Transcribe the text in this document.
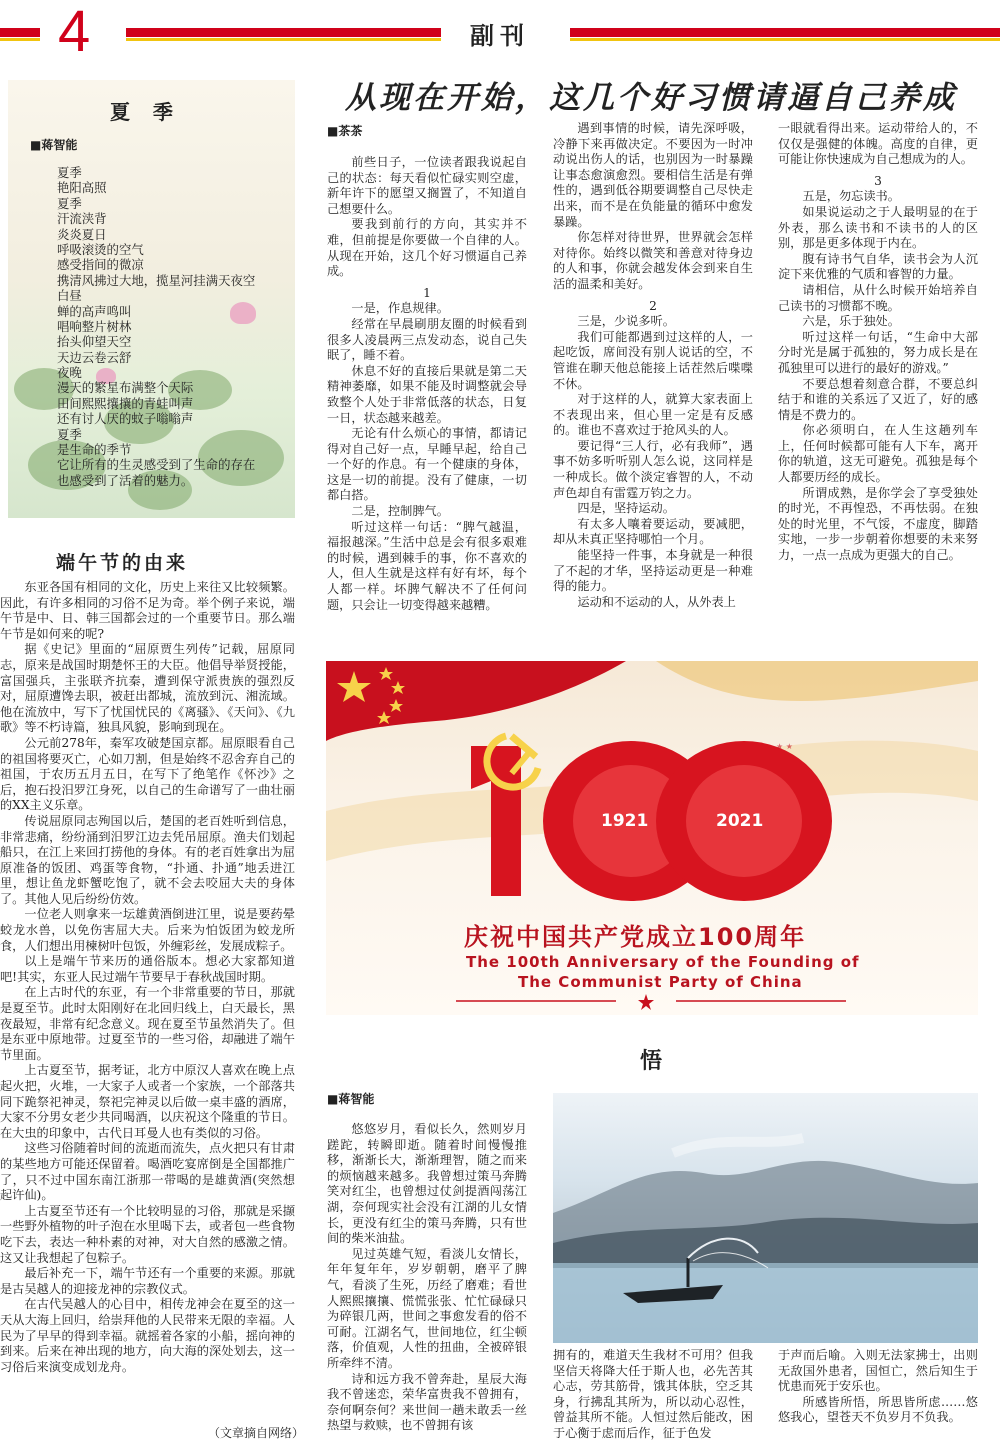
4	副刊
夏  季
■蒋智能
夏季
艳阳高照
夏季
汗流浃背
炎炎夏日
呼吸滚烫的空气
感受指间的微凉
携清风拂过大地，揽星河挂满天夜空
白昼
蝉的高声鸣叫
唱响整片树林
抬头仰望天空
天边云卷云舒
夜晚
漫天的繁星布满整个天际
田间熙熙攘攘的青蛙叫声
还有讨人厌的蚊子嗡嗡声
夏季
是生命的季节
它让所有的生灵感受到了生命的存在
也感受到了活着的魅力。
端午节的由来

东亚各国有相同的文化，历史上来往又比较频繁。因此，有许多相同的习俗不足为奇。举个例子来说，端午节是中、日、韩三国都会过的一个重要节日。那么端午节是如何来的呢?

据《史记》里面的“屈原贾生列传”记载，屈原同志，原来是战国时期楚怀王的大臣。他倡导举贤授能，富国强兵，主张联齐抗秦，遭到保守派贵族的强烈反对，屈原遭馋去职，被赶出都城，流放到沅、湘流域。他在流放中，写下了忧国忧民的《离骚》、《天问》、《九歌》等不朽诗篇，独具风貌，影响到现在。

公元前278年，秦军攻破楚国京都。屈原眼看自己的祖国将要灭亡，心如刀割，但是始终不忍舍弃自己的祖国，于农历五月五日，在写下了绝笔作《怀沙》之后，抱石投汨罗江身死，以自己的生命谱写了一曲壮丽的XX主义乐章。

传说屈原同志殉国以后，楚国的老百姓听到信息，非常悲痛，纷纷涌到汨罗江边去凭吊屈原。渔夫们划起船只，在江上来回打捞他的身体。有的老百姓拿出为屈原准备的饭团、鸡蛋等食物，“扑通、扑通”地丢进江里，想让鱼龙虾蟹吃饱了，就不会去咬屈大夫的身体了。其他人见后纷纷仿效。

一位老人则拿来一坛雄黄酒倒进江里，说是要药晕蛟龙水兽，以免伤害屈大夫。后来为怕饭团为蛟龙所食，人们想出用楝树叶包饭，外缠彩丝，发展成粽子。

以上是端午节来历的通俗版本。想必大家都知道吧!其实，东亚人民过端午节要早于春秋战国时期。

在上古时代的东亚，有一个非常重要的节日，那就是夏至节。此时太阳刚好在北回归线上，白天最长，黑夜最短，非常有纪念意义。现在夏至节虽然消失了。但是东亚中原地带。过夏至节的一些习俗，却融进了端午节里面。

上古夏至节，据考证，北方中原汉人喜欢在晚上点起火把，火堆，一大家子人或者一个家族，一个部落共同下跪祭祀神灵，祭祀完神灵以后做一桌丰盛的酒席，大家不分男女老少共同喝酒，以庆祝这个隆重的节日。在大虫的印象中，古代日耳曼人也有类似的习俗。

这些习俗随着时间的流逝而流失，点火把只有甘肃的某些地方可能还保留着。喝酒吃宴席倒是全国都推广了，只不过中国东南江浙那一带喝的是雄黄酒(突然想起许仙)。

上古夏至节还有一个比较明显的习俗，那就是采撷一些野外植物的叶子泡在水里喝下去，或者包一些食物吃下去，表达一种朴素的对神，对大自然的感激之情。这又让我想起了包粽子。

最后补充一下，端午节还有一个重要的来源。那就是古吴越人的迎接龙神的宗教仪式。

在古代吴越人的心目中，相传龙神会在夏至的这一天从大海上回归，给崇拜他的人民带来无限的幸福。人民为了早早的得到幸福。就摇着各家的小船，摇向神的到来。后来在神出现的地方，向大海的深处划去，这一习俗后来演变成划龙舟。

（文章摘自网络）
从现在开始，这几个好习惯请逼自己养成
■茶茶

前些日子，一位读者跟我说起自己的状态：每天看似忙碌实则空虚，新年许下的愿望又搁置了，不知道自己想要什么。

要我到前行的方向，其实并不难，但前提是你要做一个自律的人。从现在开始，这几个好习惯逼自己养成。

1

一是，作息规律。

经常在早晨刷朋友圈的时候看到很多人凌晨两三点发动态，说自己失眠了，睡不着。

休息不好的直接后果就是第二天精神萎靡，如果不能及时调整就会导致整个人处于非常低落的状态，日复一日，状态越来越差。

无论有什么烦心的事情，都请记得对自己好一点，早睡早起，给自己一个好的作息。有一个健康的身体，这是一切的前提。没有了健康，一切都白搭。

二是，控制脾气。

听过这样一句话：“脾气越温，福报越深。”生活中总是会有很多艰难的时候，遇到棘手的事，你不喜欢的人，但人生就是这样有好有坏，每个人都一样。坏脾气解决不了任何问题，只会让一切变得越来越糟。

遇到事情的时候，请先深呼吸，冷静下来再做决定。不要因为一时冲动说出伤人的话，也别因为一时暴躁让事态愈演愈烈。要相信生活是有弹性的，遇到低谷期要调整自己尽快走出来，而不是在负能量的循环中愈发暴躁。

你怎样对待世界，世界就会怎样对待你。始终以微笑和善意对待身边的人和事，你就会越发体会到来自生活的温柔和美好。

2

三是，少说多听。

我们可能都遇到过这样的人，一起吃饭，席间没有别人说话的空，不管谁在聊天他总能接上话茬然后喋喋不休。

对于这样的人，就算大家表面上不表现出来，但心里一定是有反感的。谁也不喜欢过于抢风头的人。

要记得“三人行，必有我师”，遇事不妨多听听别人怎么说，这同样是一种成长。做个淡定睿智的人，不动声色却自有雷霆万钧之力。

四是，坚持运动。

有太多人嚷着要运动，要减肥，却从未真正坚持哪怕一个月。

能坚持一件事，本身就是一种很了不起的才华，坚持运动更是一种难得的能力。

运动和不运动的人，从外表上

一眼就看得出来。运动带给人的，不仅仅是强健的体魄。高度的自律，更可能让你快速成为自己想成为的人。

3

五是，勿忘读书。

如果说运动之于人最明显的在于外表，那么读书和不读书的人的区别，那是更多体现于内在。

腹有诗书气自华，读书会为人沉淀下来优雅的气质和睿智的力量。

请相信，从什么时候开始培养自己读书的习惯都不晚。

六是，乐于独处。

听过这样一句话，“生命中大部分时光是属于孤独的，努力成长是在孤独里可以进行的最好的游戏。”

不要总想着刻意合群，不要总纠结于和谁的关系远了又近了，好的感情是不费力的。

你必须明白，在人生这趟列车上，任何时候都可能有人下车，离开你的轨道，这无可避免。孤独是每个人都要历经的成长。

所谓成熟，是你学会了享受独处的时光，不再惶恐，不再怯弱。在独处的时光里，不气馁，不虚度，脚踏实地，一步一步朝着你想要的未来努力，一点一点成为更强大的自己。

★ ★
1921	2021
庆祝中国共产党成立100周年
The 100th Anniversary of the Founding of
The Communist Party of China
悟
■蒋智能

悠悠岁月，看似长久，然则岁月蹉跎，转瞬即逝。随着时间慢慢推移，渐渐长大，渐渐理智，随之而来的烦恼越来越多。我曾想过策马奔腾笑对红尘，也曾想过仗剑提酒闯荡江湖，奈何现实社会没有江湖的儿女情长，更没有红尘的策马奔腾，只有世间的柴米油盐。

见过英雄气短，看淡儿女情长，年年复年年，岁岁朝朝，磨平了脾气，看淡了生死，历经了磨难；看世人熙熙攘攘、慌慌张张、忙忙碌碌只为碎银几两，世间之事愈发看的俗不可耐。江湖名气，世间地位，红尘顿落，价值观，人性的扭曲，全被碎银所牵绊不清。

诗和远方我不曾奔赴，星辰大海我不曾迷恋，荣华富贵我不曾拥有，奈何啊奈何？来世间一趟未敢丢一丝热望与救赎，也不曾拥有该

拥有的，难道天生我材不可用？但我坚信天将降大任于斯人也，必先苦其心志，劳其筋骨，饿其体肤，空乏其身，行拂乱其所为，所以动心忍性，曾益其所不能。人恒过然后能改，困于心衡于虑而后作，征于色发

于声而后喻。入则无法家拂士，出则无敌国外患者，国恒亡，然后知生于忧患而死于安乐也。

所感皆所悟，所思皆所虑……悠悠我心，望苍天不负岁月不负我。
